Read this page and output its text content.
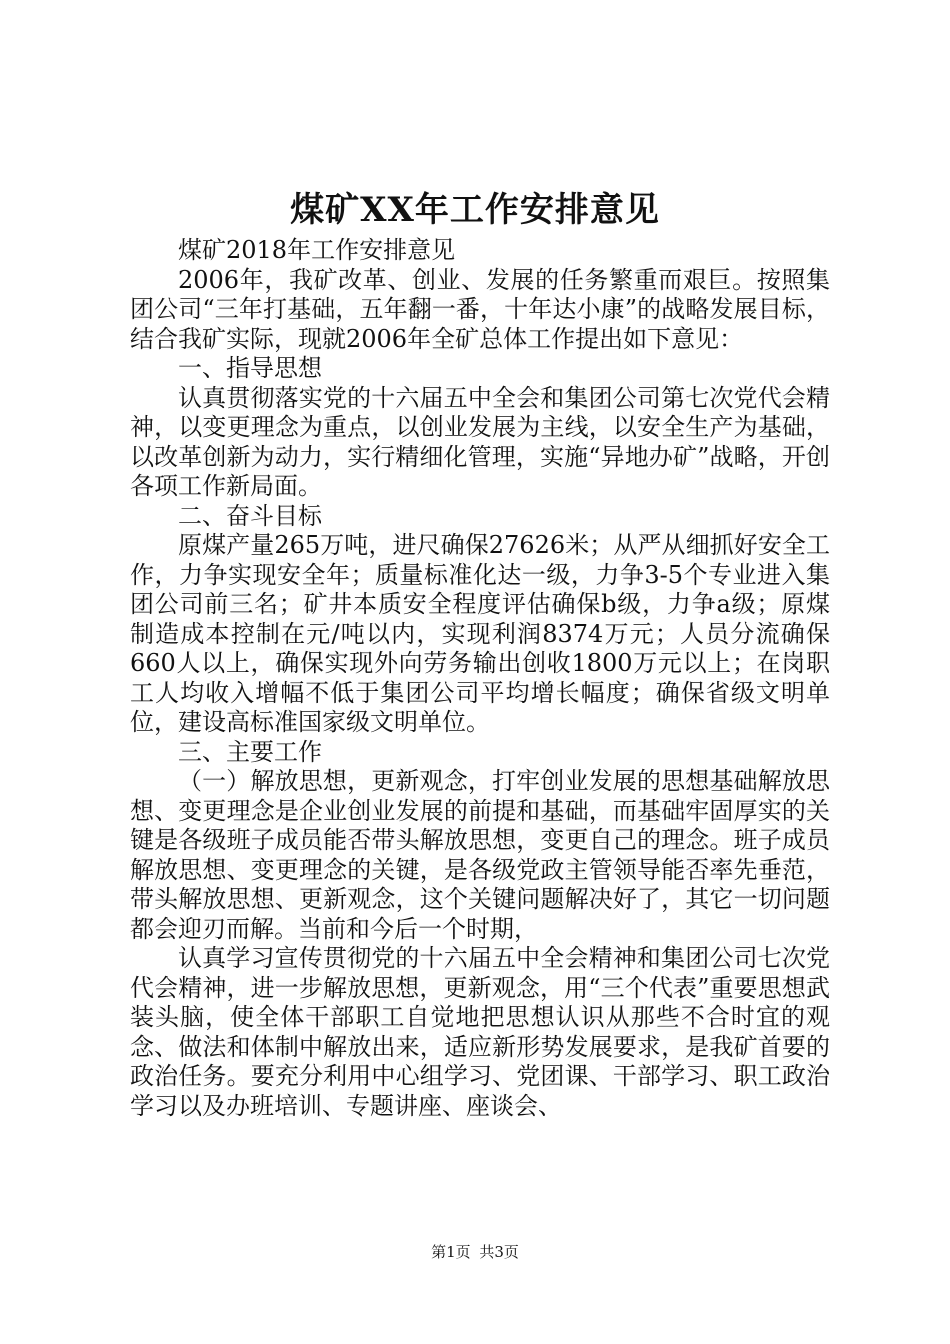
煤矿XX年工作安排意见

煤矿2018年工作安排意见

2006年，我矿改革、创业、发展的任务繁重而艰巨。按照集团公司“三年打基础，五年翻一番，十年达小康”的战略发展目标，结合我矿实际，现就2006年全矿总体工作提出如下意见：

一、指导思想

认真贯彻落实党的十六届五中全会和集团公司第七次党代会精神，以变更理念为重点，以创业发展为主线，以安全生产为基础，以改革创新为动力，实行精细化管理，实施“异地办矿”战略，开创各项工作新局面。

二、奋斗目标

原煤产量265万吨，进尺确保27626米；从严从细抓好安全工作，力争实现安全年；质量标准化达一级，力争3-5个专业进入集团公司前三名；矿井本质安全程度评估确保b级，力争a级；原煤制造成本控制在元/吨以内，实现利润8374万元；人员分流确保660人以上，确保实现外向劳务输出创收1800万元以上；在岗职工人均收入增幅不低于集团公司平均增长幅度；确保省级文明单位，建设高标准国家级文明单位。

三、主要工作

（一）解放思想，更新观念，打牢创业发展的思想基础解放思想、变更理念是企业创业发展的前提和基础，而基础牢固厚实的关键是各级班子成员能否带头解放思想，变更自己的理念。班子成员解放思想、变更理念的关键，是各级党政主管领导能否率先垂范，带头解放思想、更新观念，这个关键问题解决好了，其它一切问题都会迎刃而解。当前和今后一个时期，

认真学习宣传贯彻党的十六届五中全会精神和集团公司七次党代会精神，进一步解放思想，更新观念，用“三个代表”重要思想武装头脑，使全体干部职工自觉地把思想认识从那些不合时宜的观念、做法和体制中解放出来，适应新形势发展要求，是我矿首要的政治任务。要充分利用中心组学习、党团课、干部学习、职工政治学习以及办班培训、专题讲座、座谈会、

第1页 共3页
